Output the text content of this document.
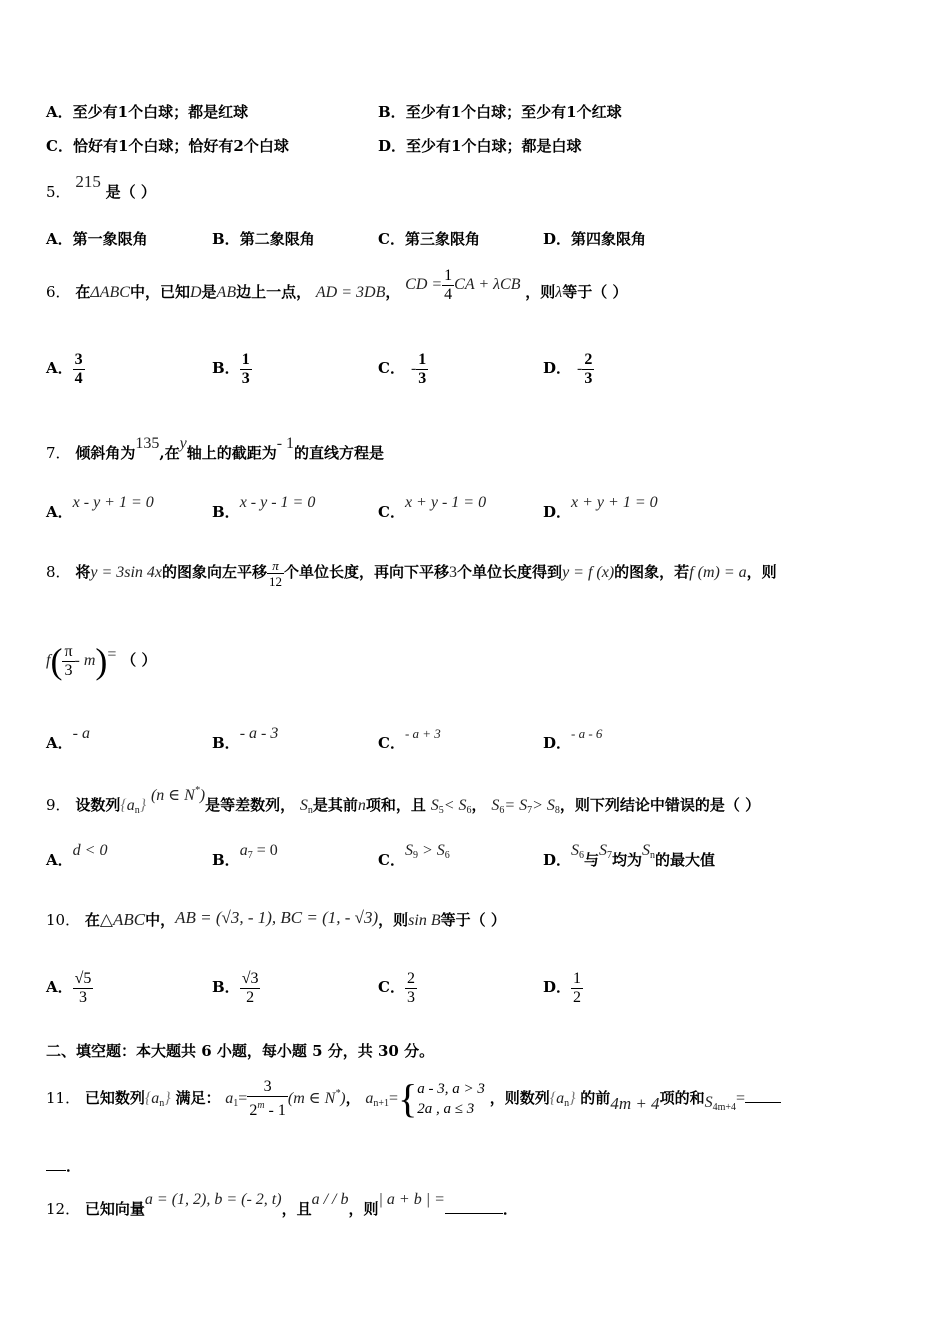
A．至少有1个白球；都是红球	B．至少有1个白球；至少有1个红球
C．恰好有1个白球；恰好有2个白球	D．至少有1个白球；都是白球
5． 215 是（ ）
A．第一象限角	B．第二象限角	C．第三象限角	D．第四象限角
6． 在ΔABC中，已知D是AB边上一点， AD = 3DB， CD = $\frac{1}{4}$ CA + λCB ，则λ等于（ ）
A． $\frac{3}{4}$	B． $\frac{1}{3}$	C． - $\frac{1}{3}$	D． - $\frac{2}{3}$
7． 倾斜角为135,在y轴上的截距为- 1的直线方程是
A．x - y + 1 = 0
B．x - y - 1 = 0
C．x + y - 1 = 0
D．x + y + 1 = 0
8． 将y = 3sin 4x的图象向左平移 $\frac{\pi}{12}$ 个单位长度，再向下平移3个单位长度得到y = f (x)的图象，若f (m) = a，则
$f( \frac{\pi}{3} - m)=$ （ ）
A．- a
B．- a - 3
C．- a + 3
D．- a - 6
9． 设数列$\{a_n\}$ (n ∈ N*)是等差数列， $S_n$是其前n项和，且 $S_5< S_6$， $S_6= S_7> S_8$，则下列结论中错误的是（ ）
A．d < 0
B．$a^7 = 0$
C．$S^9 > S^6$	D．$S^6$与$S^7$均为$S^n$的最大值
10． 在△ABC中，AB = (√3, - 1), BC = (1, - √3)，则sin B等于（ ）
A． $\frac{√5}{3}$	B． $\frac{√3}{2}$	C． $\frac{2}{3}$	D． $\frac{1}{2}$
二、填空题：本大题共 6 小题，每小题 5 分，共 30 分。
11． 已知数列$\{a_n\}$ 满足： $a_1= \frac{3}{2^m - 1} (m$ ∈ N*)， $a_{n+1}=${ a - 3, a > 3
2a , a ≤ 3
，则数列$\{a_n\}$ 的前4m + 4项的和$S_{4m+4}=$
．
12． 已知向量a = (1, 2), b = (- 2, t)，且a / / b，则| a + b | =．
